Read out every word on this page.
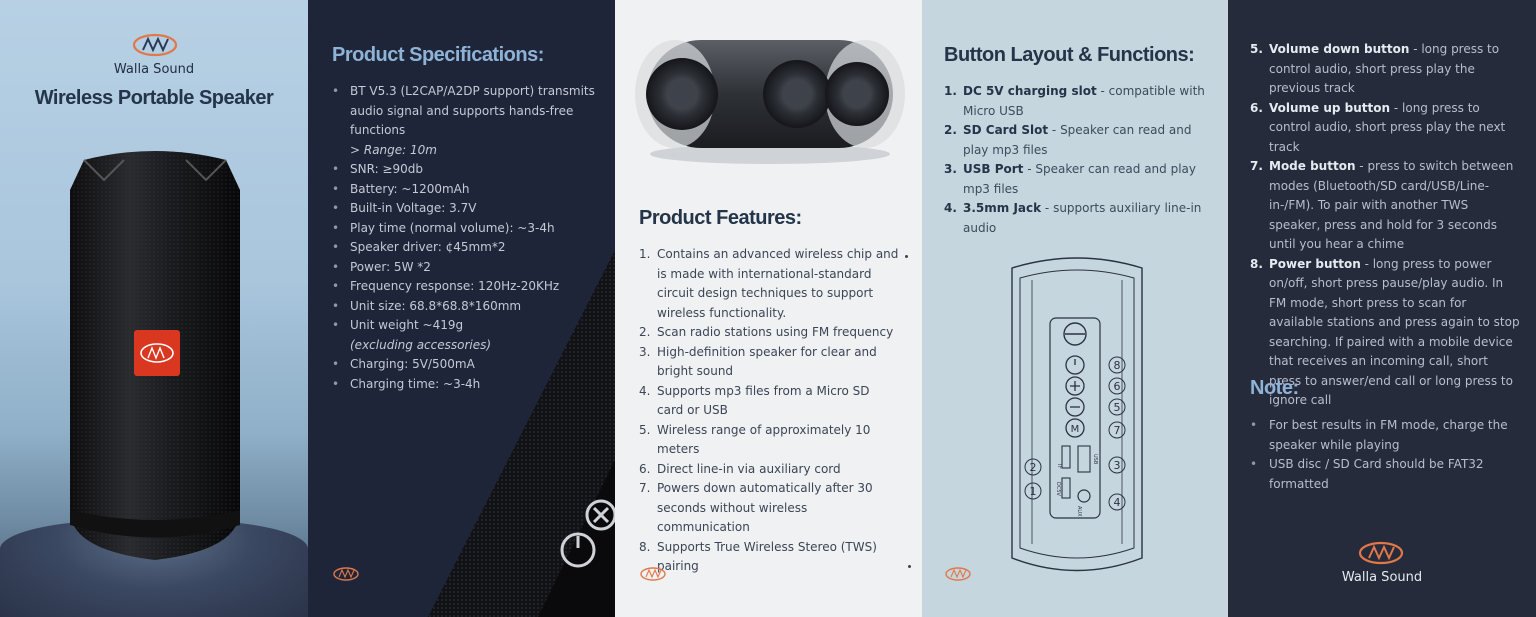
Walla Sound
Wireless Portable Speaker
Product Specifications:
• BT V5.3 (L2CAP/A2DP support) transmits audio signal and supports hands-free functions
> Range: 10m
• SNR: ≥90db
• Battery: ~1200mAh
• Built-in Voltage: 3.7V
• Play time (normal volume): ~3-4h
• Speaker driver: ¢45mm*2
• Power: 5W *2
• Frequency response: 120Hz-20KHz
• Unit size: 68.8*68.8*160mm
• Unit weight ~419g
(excluding accessories)
• Charging: 5V/500mA
• Charging time: ~3-4h
Product Features:
1. Contains an advanced wireless chip and is made with international-standard circuit design techniques to support wireless functionality.
2. Scan radio stations using FM frequency
3. High-definition speaker for clear and bright sound
4. Supports mp3 files from a Micro SD card or USB
5. Wireless range of approximately 10 meters
6. Direct line-in via auxiliary cord
7. Powers down automatically after 30 seconds without wireless communication
8. Supports True Wireless Stereo (TWS) pairing
Button Layout & Functions:
1. DC 5V charging slot - compatible with Micro USB
2. SD Card Slot - Speaker can read and play mp3 files
3. USB Port - Speaker can read and play mp3 files
4. 3.5mm Jack - supports auxiliary line-in audio
M
TF
USB
DC5V
AUX
8
6
5
7
3
4
2
1
5. Volume down button - long press to control audio, short press play the previous track
6. Volume up button - long press to control audio, short press play the next track
7. Mode button - press to switch between modes (Bluetooth/SD card/USB/Line-in-/FM). To pair with another TWS speaker, press and hold for 3 seconds until you hear a chime
8. Power button - long press to power on/off, short press pause/play audio. In FM mode, short press to scan for available stations and press again to stop searching. If paired with a mobile device that receives an incoming call, short press to answer/end call or long press to ignore call
Note:
• For best results in FM mode, charge the speaker while playing
• USB disc / SD Card should be FAT32 formatted
Walla Sound
